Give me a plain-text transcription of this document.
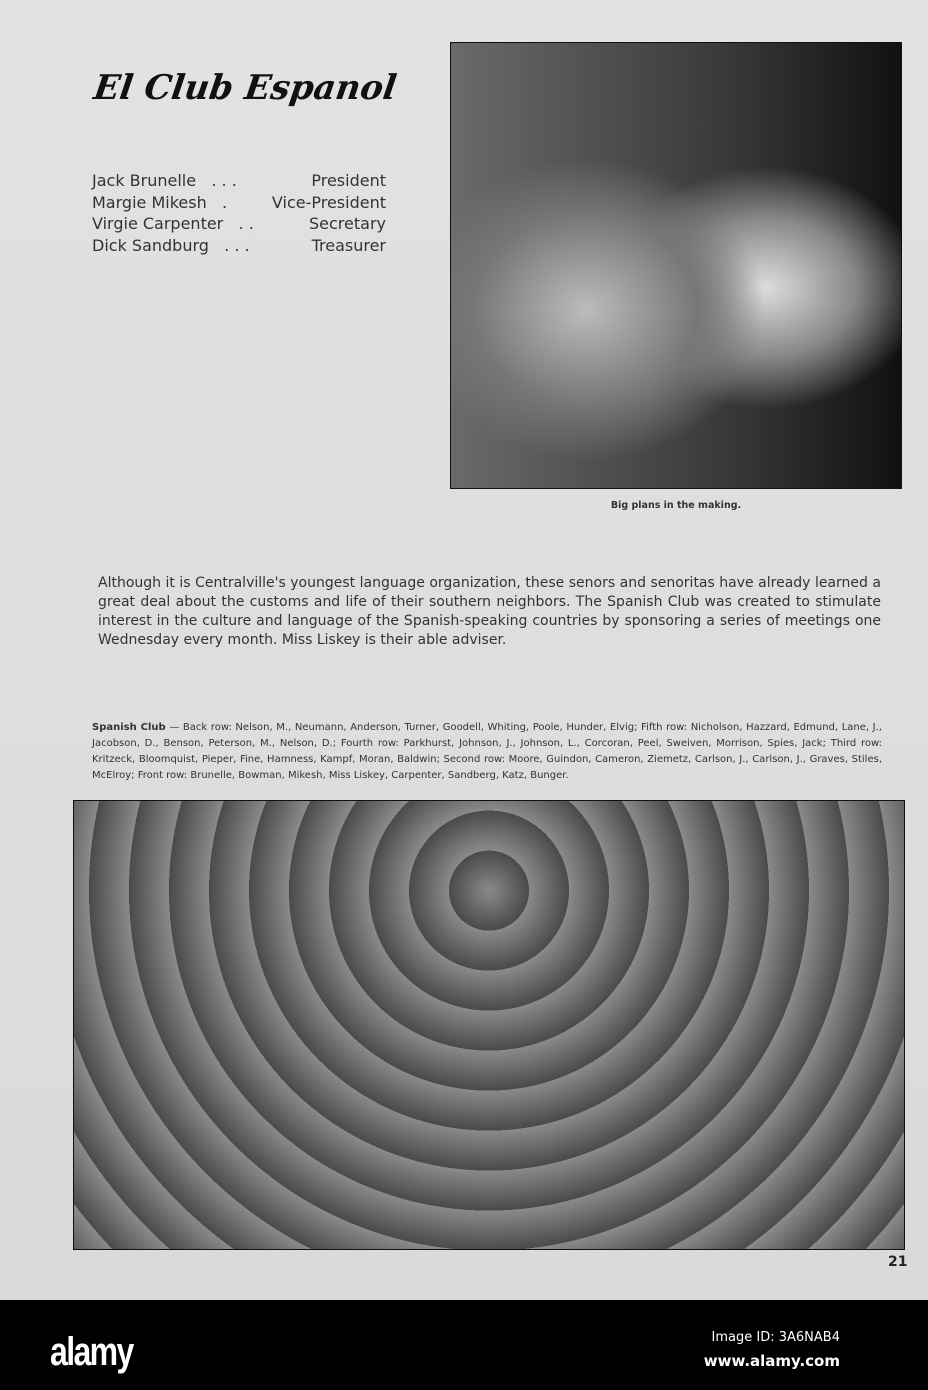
El Club Espanol
Jack Brunelle . . .	President
Margie Mikesh .	Vice-President
Virgie Carpenter . .	Secretary
Dick Sandburg . . .	Treasurer
Big plans in the making.
Although it is Centralville's youngest language organization, these senors and senoritas have already learned a great deal about the customs and life of their southern neighbors. The Spanish Club was created to stimulate interest in the culture and language of the Spanish-speaking countries by sponsoring a series of meetings one Wednesday every month. Miss Liskey is their able adviser.
Spanish Club — Back row: Nelson, M., Neumann, Anderson, Turner, Goodell, Whiting, Poole, Hunder, Elvig; Fifth row: Nicholson, Hazzard, Edmund, Lane, J., Jacobson, D., Benson, Peterson, M., Nelson, D.; Fourth row: Parkhurst, Johnson, J., Johnson, L., Corcoran, Peel, Sweiven, Morrison, Spies, Jack; Third row: Kritzeck, Bloomquist, Pieper, Fine, Hamness, Kampf, Moran, Baldwin; Second row: Moore, Guindon, Cameron, Ziemetz, Carlson, J., Carlson, J., Graves, Stiles, McElroy; Front row: Brunelle, Bowman, Mikesh, Miss Liskey, Carpenter, Sandberg, Katz, Bunger.
21
alamy	Image ID: 3A6NAB4
www.alamy.com
